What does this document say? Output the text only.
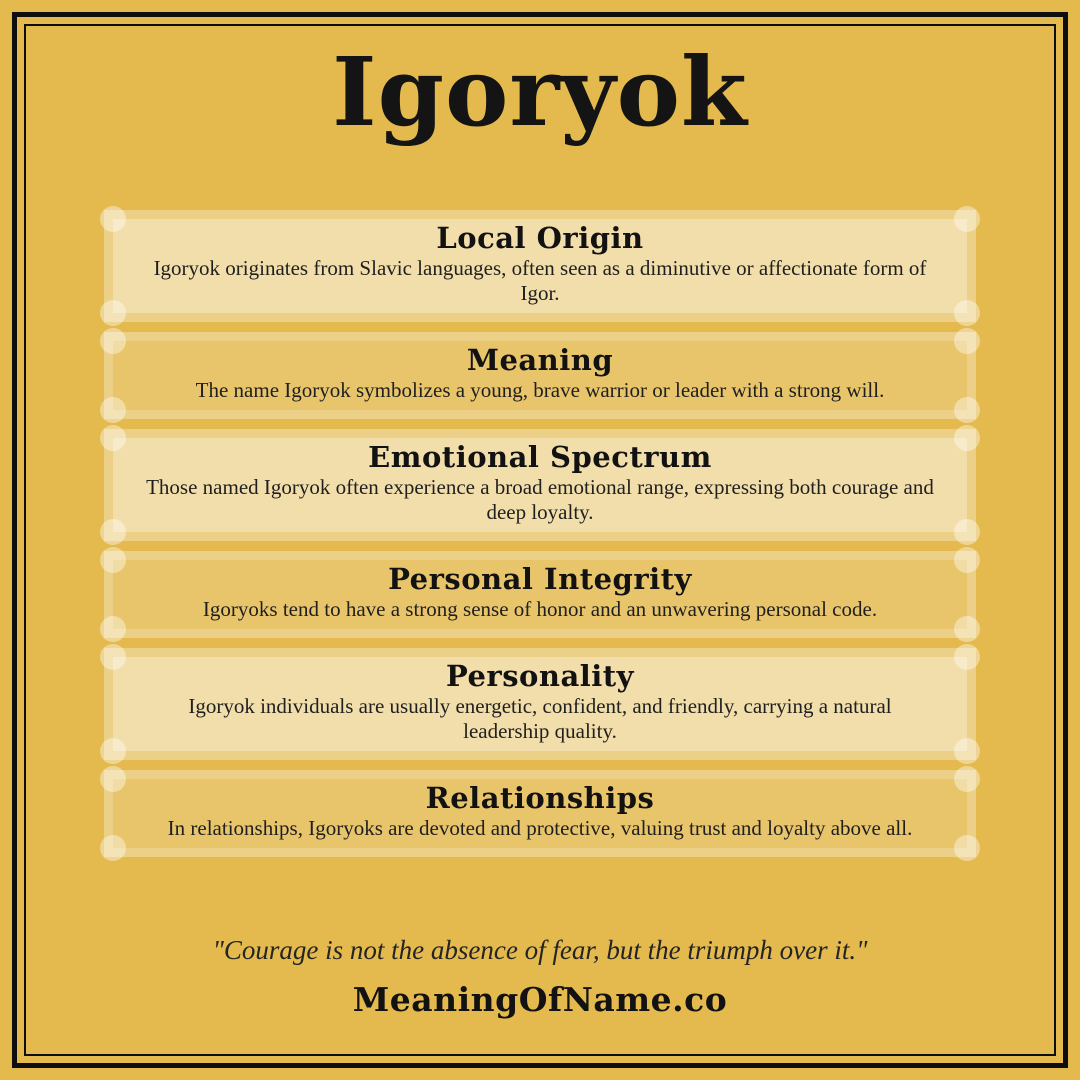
Igoryok
Local Origin
Igoryok originates from Slavic languages, often seen as a diminutive or affectionate form of Igor.
Meaning
The name Igoryok symbolizes a young, brave warrior or leader with a strong will.
Emotional Spectrum
Those named Igoryok often experience a broad emotional range, expressing both courage and deep loyalty.
Personal Integrity
Igoryoks tend to have a strong sense of honor and an unwavering personal code.
Personality
Igoryok individuals are usually energetic, confident, and friendly, carrying a natural leadership quality.
Relationships
In relationships, Igoryoks are devoted and protective, valuing trust and loyalty above all.
"Courage is not the absence of fear, but the triumph over it."
MeaningOfName.co
